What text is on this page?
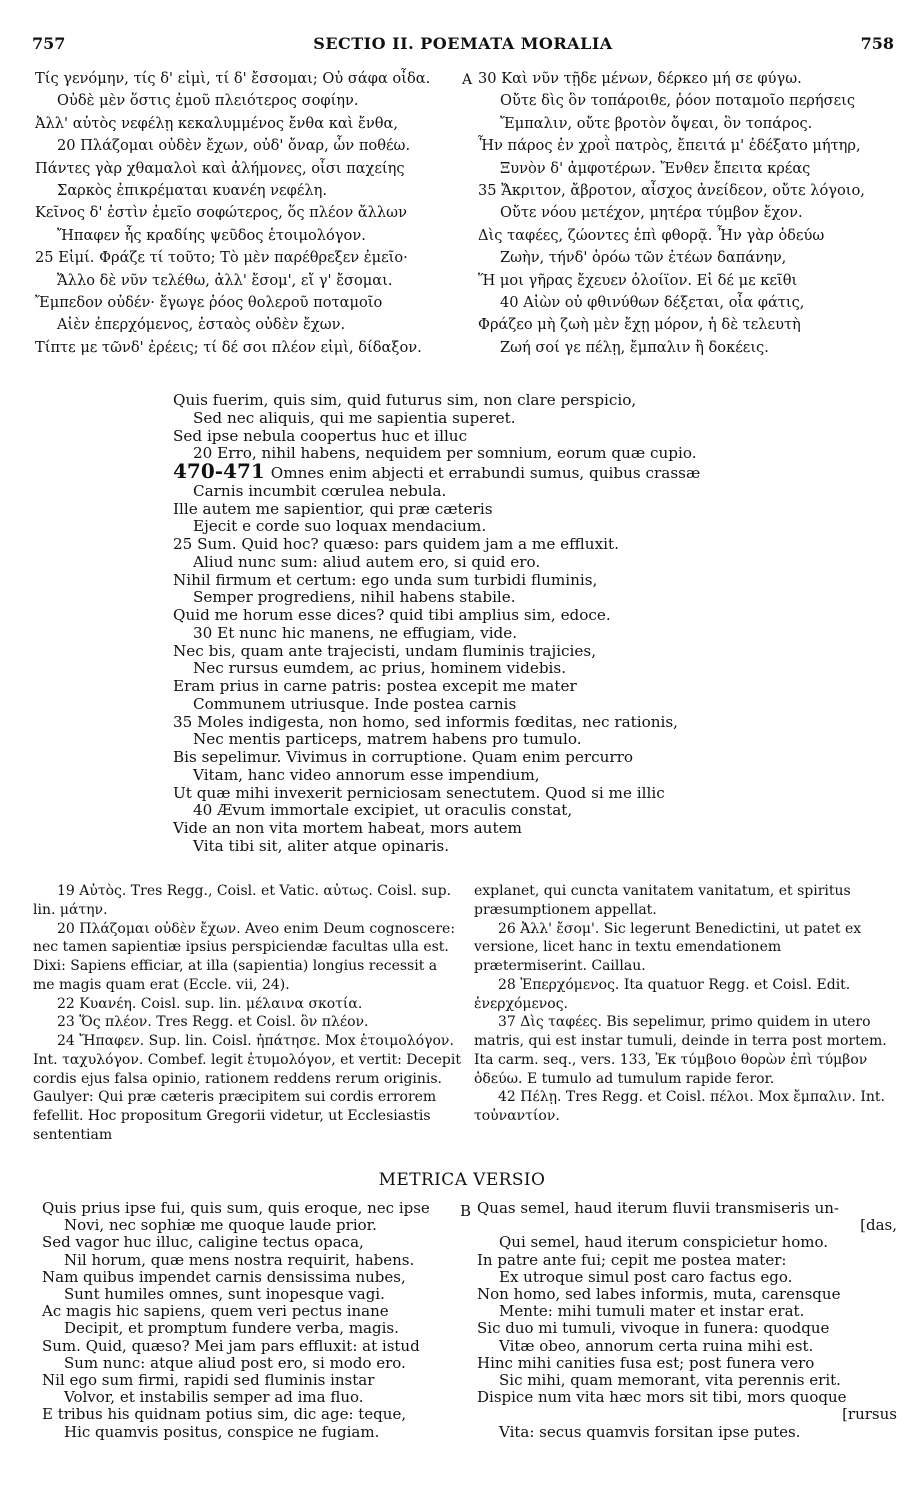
757	SECTIO II. POEMATA MORALIA	758
Τίς γενόμην, τίς δ' εἰμὶ, τί δ' ἔσσομαι; Οὐ σάφα οἶδα.
Οὐδὲ μὲν ὅστις ἐμοῦ πλειότερος σοφίην.
Ἀλλ' αὐτὸς νεφέλῃ κεκαλυμμένος ἔνθα καὶ ἔνθα,
20 Πλάζομαι οὐδὲν ἔχων, οὐδ' ὄναρ, ὧν ποθέω.
Πάντες γὰρ χθαμαλοὶ καὶ ἀλήμονες, οἷσι παχείης
Σαρκὸς ἐπικρέμαται κυανέη νεφέλη.
Κεῖνος δ' ἐστὶν ἐμεῖο σοφώτερος, ὅς πλέον ἄλλων
Ἤπαφεν ἧς κραδίης ψεῦδος ἑτοιμολόγον.
25 Εἰμί. Φράζε τί τοῦτο; Τὸ μὲν παρέθρεξεν ἐμεῖο·
Ἄλλο δὲ νῦν τελέθω, ἀλλ' ἔσομ', εἴ γ' ἔσομαι.
Ἔμπεδον οὐδέν· ἔγωγε ῥόος θολεροῦ ποταμοῖο
Αἰὲν ἐπερχόμενος, ἑσταὸς οὐδὲν ἔχων.
Τίπτε με τῶνδ' ἐρέεις; τί δέ σοι πλέον εἰμὶ, δίδαξον.
A 30 Καὶ νῦν τῇδε μένων, δέρκεο μή σε φύγω.
Οὔτε δὶς ὃν τοπάροιθε, ῥόον ποταμοῖο περήσεις
Ἔμπαλιν, οὔτε βροτὸν ὄψεαι, ὃν τοπάρος.
Ἦν πάρος ἐν χροῒ πατρὸς, ἔπειτά μ' ἐδέξατο μήτηρ,
Ξυνὸν δ' ἀμφοτέρων. Ἔνθεν ἔπειτα κρέας
35 Ἄκριτον, ἄβροτον, αἶσχος ἀνείδεον, οὔτε λόγοιο,
Οὔτε νόου μετέχον, μητέρα τύμβον ἔχον.
Δὶς ταφέες, ζώοντες ἐπὶ φθορᾷ. Ἦν γὰρ ὁδεύω
Ζωὴν, τήνδ' ὁρόω τῶν ἐτέων δαπάνην,
Ἥ μοι γῆρας ἔχευεν ὀλοίϊον. Εἰ δέ με κεῖθι
40 Αἰὼν οὐ φθινύθων δέξεται, οἷα φάτις,
Φράζεο μὴ ζωὴ μὲν ἔχῃ μόρον, ἡ δὲ τελευτὴ
Ζωή σοί γε πέλῃ, ἔμπαλιν ἢ δοκέεις.
Quis fuerim, quis sim, quid futurus sim, non clare perspicio,
Sed nec aliquis, qui me sapientia superet.
Sed ipse nebula coopertus huc et illuc
20 Erro, nihil habens, nequidem per somnium, eorum quæ cupio.
470-471 Omnes enim abjecti et errabundi sumus, quibus crassæ
Carnis incumbit cœrulea nebula.
Ille autem me sapientior, qui præ cæteris
Ejecit e corde suo loquax mendacium.
25 Sum. Quid hoc? quæso: pars quidem jam a me effluxit.
Aliud nunc sum: aliud autem ero, si quid ero.
Nihil firmum et certum: ego unda sum turbidi fluminis,
Semper progrediens, nihil habens stabile.
Quid me horum esse dices? quid tibi amplius sim, edoce.
30 Et nunc hic manens, ne effugiam, vide.
Nec bis, quam ante trajecisti, undam fluminis trajicies,
Nec rursus eumdem, ac prius, hominem videbis.
Eram prius in carne patris: postea excepit me mater
Communem utriusque. Inde postea carnis
35 Moles indigesta, non homo, sed informis fœditas, nec rationis,
Nec mentis particeps, matrem habens pro tumulo.
Bis sepelimur. Vivimus in corruptione. Quam enim percurro
Vitam, hanc video annorum esse impendium,
Ut quæ mihi invexerit perniciosam senectutem. Quod si me illic
40 Ævum immortale excipiet, ut oraculis constat,
Vide an non vita mortem habeat, mors autem
Vita tibi sit, aliter atque opinaris.

19 Αὐτὸς. Tres Regg., Coisl. et Vatic. αὐτως. Coisl. sup. lin. μάτην.

20 Πλάζομαι οὐδὲν ἔχων. Aveo enim Deum cognoscere: nec tamen sapientiæ ipsius perspiciendæ facultas ulla est. Dixi: Sapiens efficiar, at illa (sapientia) longius recessit a me magis quam erat (Eccle. vii, 24).

22 Κυανέη. Coisl. sup. lin. μέλαινα σκοτία.

23 Ὅς πλέον. Tres Regg. et Coisl. ὃν πλέον.

24 Ἤπαφεν. Sup. lin. Coisl. ἠπάτησε. Mox ἑτοιμολόγον. Int. ταχυλόγον. Combef. legit ἐτυμολόγον, et vertit: Decepit cordis ejus falsa opinio, rationem reddens rerum originis. Gaulyer: Qui præ cæteris præcipitem sui cordis errorem fefellit. Hoc propositum Gregorii videtur, ut Ecclesiastis sententiam

explanet, qui cuncta vanitatem vanitatum, et spiritus præsumptionem appellat.

26 Ἀλλ' ἔσομ'. Sic legerunt Benedictini, ut patet ex versione, licet hanc in textu emendationem prætermiserint. Caillau.

28 Ἐπερχόμενος. Ita quatuor Regg. et Coisl. Edit. ἐνερχόμενος.

37 Δὶς ταφέες. Bis sepelimur, primo quidem in utero matris, qui est instar tumuli, deinde in terra post mortem. Ita carm. seq., vers. 133, Ἐκ τύμβοιο θορὼν ἐπὶ τύμβον ὁδεύω. E tumulo ad tumulum rapide feror.

42 Πέλῃ. Tres Regg. et Coisl. πέλοι. Mox ἔμπαλιν. Int. τοὐναντίον.

METRICA VERSIO
Quis prius ipse fui, quis sum, quis eroque, nec ipse
Novi, nec sophiæ me quoque laude prior.
Sed vagor huc illuc, caligine tectus opaca,
Nil horum, quæ mens nostra requirit, habens.
Nam quibus impendet carnis densissima nubes,
Sunt humiles omnes, sunt inopesque vagi.
Ac magis hic sapiens, quem veri pectus inane
Decipit, et promptum fundere verba, magis.
Sum. Quid, quæso? Mei jam pars effluxit: at istud
Sum nunc: atque aliud post ero, si modo ero.
Nil ego sum firmi, rapidi sed fluminis instar
Volvor, et instabilis semper ad ima fluo.
E tribus his quidnam potius sim, dic age: teque,
Hic quamvis positus, conspice ne fugiam.
B Quas semel, haud iterum fluvii transmiseris un-
[das,
Qui semel, haud iterum conspicietur homo.
In patre ante fui; cepit me postea mater:
Ex utroque simul post caro factus ego.
Non homo, sed labes informis, muta, carensque
Mente: mihi tumuli mater et instar erat.
Sic duo mi tumuli, vivoque in funera: quodque
Vitæ obeo, annorum certa ruina mihi est.
Hinc mihi canities fusa est; post funera vero
Sic mihi, quam memorant, vita perennis erit.
Dispice num vita hæc mors sit tibi, mors quoque
[rursus
Vita: secus quamvis forsitan ipse putes.
